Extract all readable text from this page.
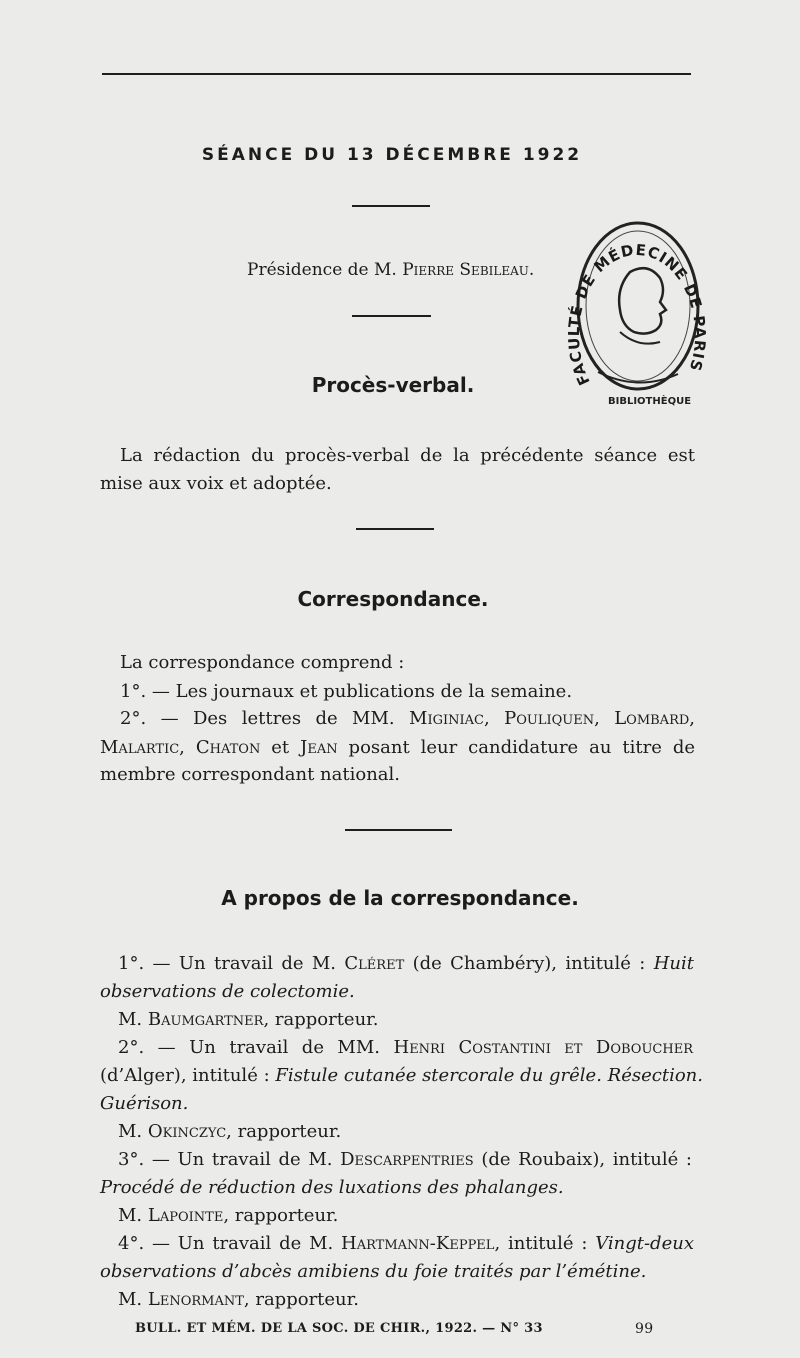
SÉANCE DU 13 DÉCEMBRE 1922
Présidence de M. Pierre Sebileau.
FAC É DE MÉDECINE DE IS
BIBLIOTHÈQUE
Procès-verbal.
La rédaction du procès-verbal de la précédente séance est
mise aux voix et adoptée.
Correspondance.
La correspondance comprend :
1°. — Les journaux et publications de la semaine.
2°. — Des lettres de MM. Miginiac, Pouliquen, Lombard,
Malartic, Chaton et Jean posant leur candidature au titre de
membre correspondant national.
A propos de la correspondance.
1°. — Un travail de M. Cléret (de Chambéry), intitulé : Huit
observations de colectomie.
M. Baumgartner, rapporteur.
2°. — Un travail de MM. Henri Costantini et Doboucher
(d’Alger), intitulé : Fistule cutanée stercorale du grêle. Résection.
Guérison.
M. Okinczyc, rapporteur.
3°. — Un travail de M. Descarpentries (de Roubaix), intitulé :
Procédé de réduction des luxations des phalanges.
M. Lapointe, rapporteur.
4°. — Un travail de M. Hartmann-Keppel, intitulé : Vingt-deux
observations d’abcès amibiens du foie traités par l’émétine.
M. Lenormant, rapporteur.
BULL. ET MÉM. DE LA SOC. DE CHIR., 1922. — N° 33	99
